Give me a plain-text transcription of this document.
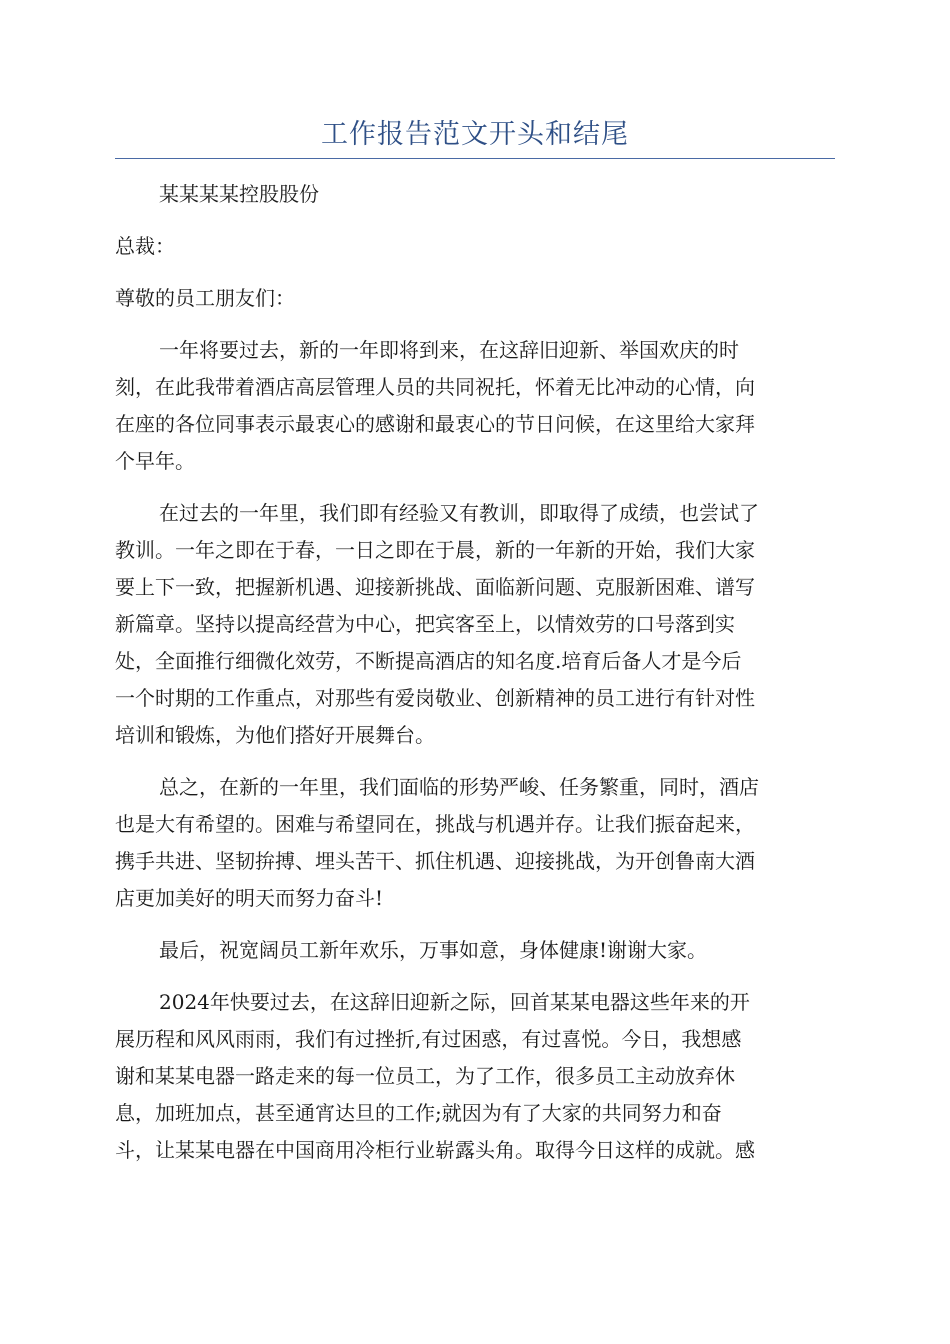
工作报告范文开头和结尾
某某某某控股股份
总裁：
尊敬的员工朋友们：
一年将要过去，新的一年即将到来，在这辞旧迎新、举国欢庆的时
刻，在此我带着酒店高层管理人员的共同祝托，怀着无比冲动的心情，向
在座的各位同事表示最衷心的感谢和最衷心的节日问候，在这里给大家拜
个早年。
在过去的一年里，我们即有经验又有教训，即取得了成绩，也尝试了
教训。一年之即在于春，一日之即在于晨，新的一年新的开始，我们大家
要上下一致，把握新机遇、迎接新挑战、面临新问题、克服新困难、谱写
新篇章。坚持以提高经营为中心，把宾客至上，以情效劳的口号落到实
处，全面推行细微化效劳，不断提高酒店的知名度.培育后备人才是今后
一个时期的工作重点，对那些有爱岗敬业、创新精神的员工进行有针对性
培训和锻炼，为他们搭好开展舞台。
总之，在新的一年里，我们面临的形势严峻、任务繁重，同时，酒店
也是大有希望的。困难与希望同在，挑战与机遇并存。让我们振奋起来，
携手共进、坚韧拚搏、埋头苦干、抓住机遇、迎接挑战，为开创鲁南大酒
店更加美好的明天而努力奋斗!
最后，祝宽阔员工新年欢乐，万事如意，身体健康!谢谢大家。
2024年快要过去，在这辞旧迎新之际，回首某某电器这些年来的开
展历程和风风雨雨，我们有过挫折,有过困惑，有过喜悦。今日，我想感
谢和某某电器一路走来的每一位员工，为了工作，很多员工主动放弃休
息，加班加点，甚至通宵达旦的工作;就因为有了大家的共同努力和奋
斗，让某某电器在中国商用冷柜行业崭露头角。取得今日这样的成就。感
